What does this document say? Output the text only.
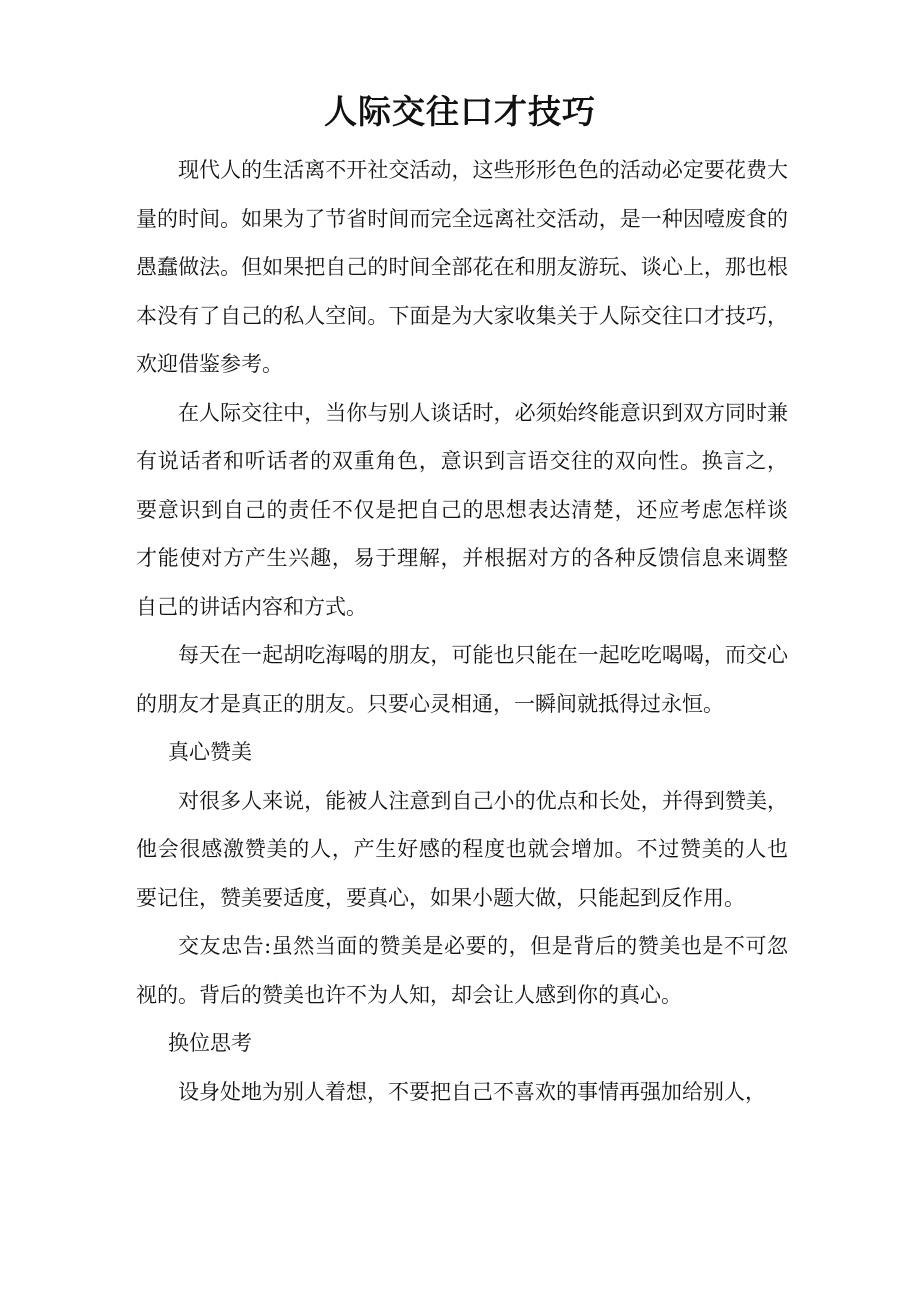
人际交往口才技巧

现代人的生活离不开社交活动，这些形形色色的活动必定要花费大量的时间。如果为了节省时间而完全远离社交活动，是一种因噎废食的愚蠢做法。但如果把自己的时间全部花在和朋友游玩、谈心上，那也根本没有了自己的私人空间。下面是为大家收集关于人际交往口才技巧，欢迎借鉴参考。

在人际交往中，当你与别人谈话时，必须始终能意识到双方同时兼有说话者和听话者的双重角色，意识到言语交往的双向性。换言之， 要意识到自己的责任不仅是把自己的思想表达清楚，还应考虑怎样谈 才能使对方产生兴趣，易于理解，并根据对方的各种反馈信息来调整 自己的讲话内容和方式。

每天在一起胡吃海喝的朋友，可能也只能在一起吃吃喝喝，而交心的朋友才是真正的朋友。只要心灵相通，一瞬间就抵得过永恒。

真心赞美

对很多人来说，能被人注意到自己小的优点和长处，并得到赞美， 他会很感激赞美的人，产生好感的程度也就会增加。不过赞美的人也 要记住，赞美要适度，要真心，如果小题大做，只能起到反作用。

交友忠告:虽然当面的赞美是必要的，但是背后的赞美也是不可忽视的。背后的赞美也许不为人知，却会让人感到你的真心。

换位思考

设身处地为别人着想，不要把自己不喜欢的事情再强加给别人，
